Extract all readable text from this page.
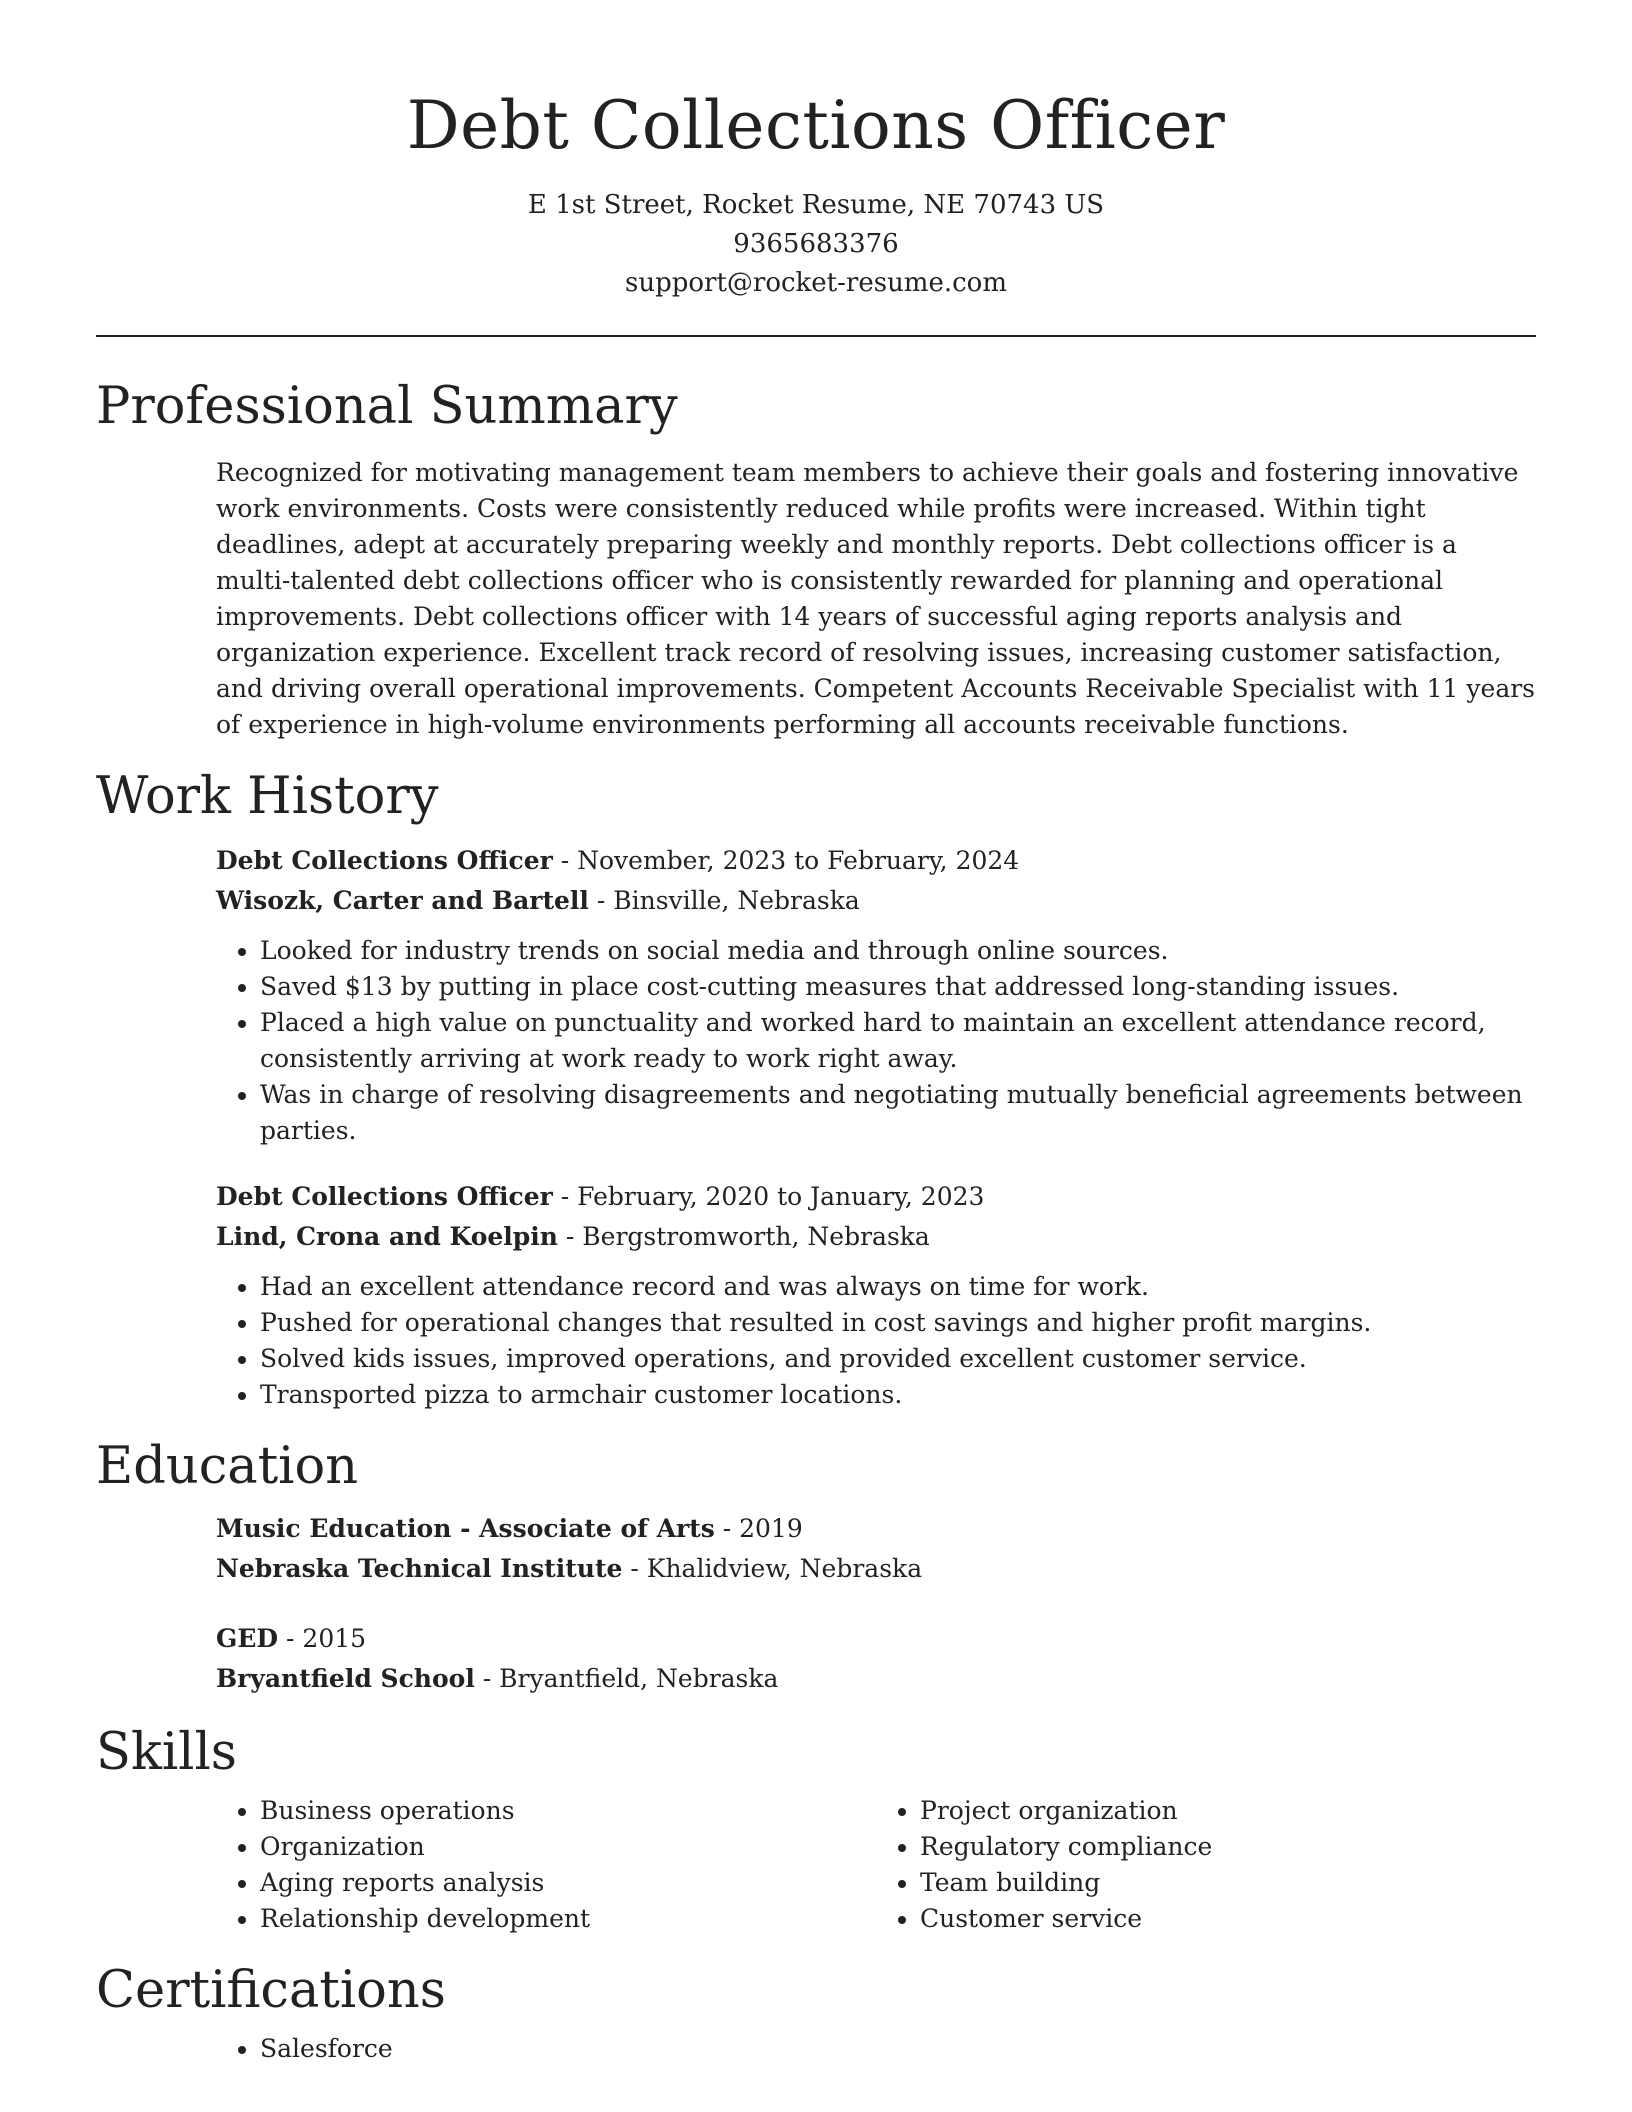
Debt Collections Officer
E 1st Street, Rocket Resume, NE 70743 US
9365683376
support@rocket-resume.com
Professional Summary
Recognized for motivating management team members to achieve their goals and fostering innovative work environments. Costs were consistently reduced while profits were increased. Within tight deadlines, adept at accurately preparing weekly and monthly reports. Debt collections officer is a multi-talented debt collections officer who is consistently rewarded for planning and operational improvements. Debt collections officer with 14 years of successful aging reports analysis and organization experience. Excellent track record of resolving issues, increasing customer satisfaction, and driving overall operational improvements. Competent Accounts Receivable Specialist with 11 years of experience in high-volume environments performing all accounts receivable functions.
Work History
Debt Collections Officer - November, 2023 to February, 2024
Wisozk, Carter and Bartell - Binsville, Nebraska
• Looked for industry trends on social media and through online sources.
• Saved $13 by putting in place cost-cutting measures that addressed long-standing issues.
• Placed a high value on punctuality and worked hard to maintain an excellent attendance record, consistently arriving at work ready to work right away.
• Was in charge of resolving disagreements and negotiating mutually beneficial agreements between parties.
Debt Collections Officer - February, 2020 to January, 2023
Lind, Crona and Koelpin - Bergstromworth, Nebraska
• Had an excellent attendance record and was always on time for work.
• Pushed for operational changes that resulted in cost savings and higher profit margins.
• Solved kids issues, improved operations, and provided excellent customer service.
• Transported pizza to armchair customer locations.
Education
Music Education - Associate of Arts - 2019
Nebraska Technical Institute - Khalidview, Nebraska
GED - 2015
Bryantfield School - Bryantfield, Nebraska
Skills
• Business operations
• Organization
• Aging reports analysis
• Relationship development
• Project organization
• Regulatory compliance
• Team building
• Customer service
Certifications
• Salesforce
